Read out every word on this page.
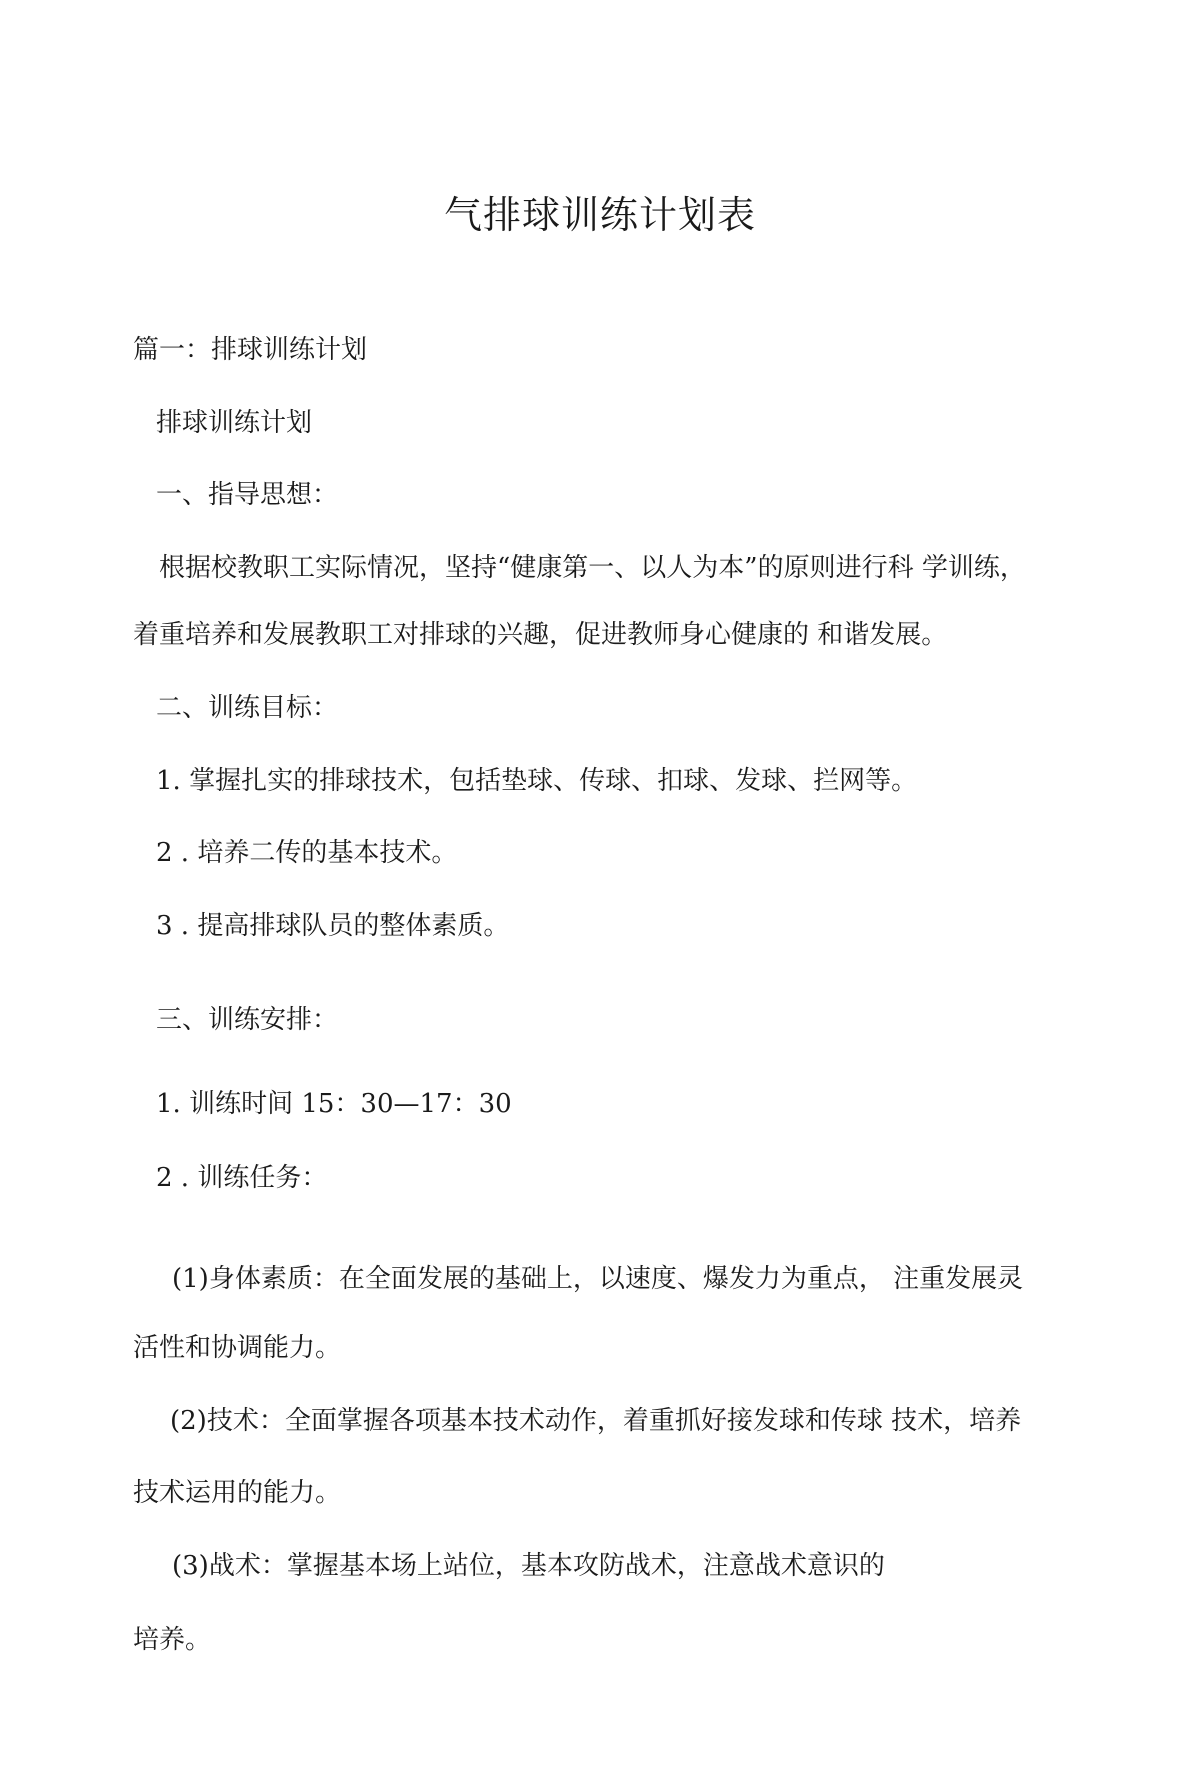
气排球训练计划表
篇一：排球训练计划
排球训练计划
一、指导思想：
根据校教职工实际情况，坚持“健康第一、以人为本”的原则进行科 学训练，
着重培养和发展教职工对排球的兴趣，促进教师身心健康的 和谐发展。
二、训练目标：
1. 掌握扎实的排球技术，包括垫球、传球、扣球、发球、拦网等。
2 . 培养二传的基本技术。
3 . 提高排球队员的整体素质。
三、训练安排：
1. 训练时间 15：30—17：30
2 . 训练任务：
(1)身体素质：在全面发展的基础上，以速度、爆发力为重点， 注重发展灵
活性和协调能力。
(2)技术：全面掌握各项基本技术动作，着重抓好接发球和传球 技术，培养
技术运用的能力。
(3)战术：掌握基本场上站位，基本攻防战术，注意战术意识的
培养。
